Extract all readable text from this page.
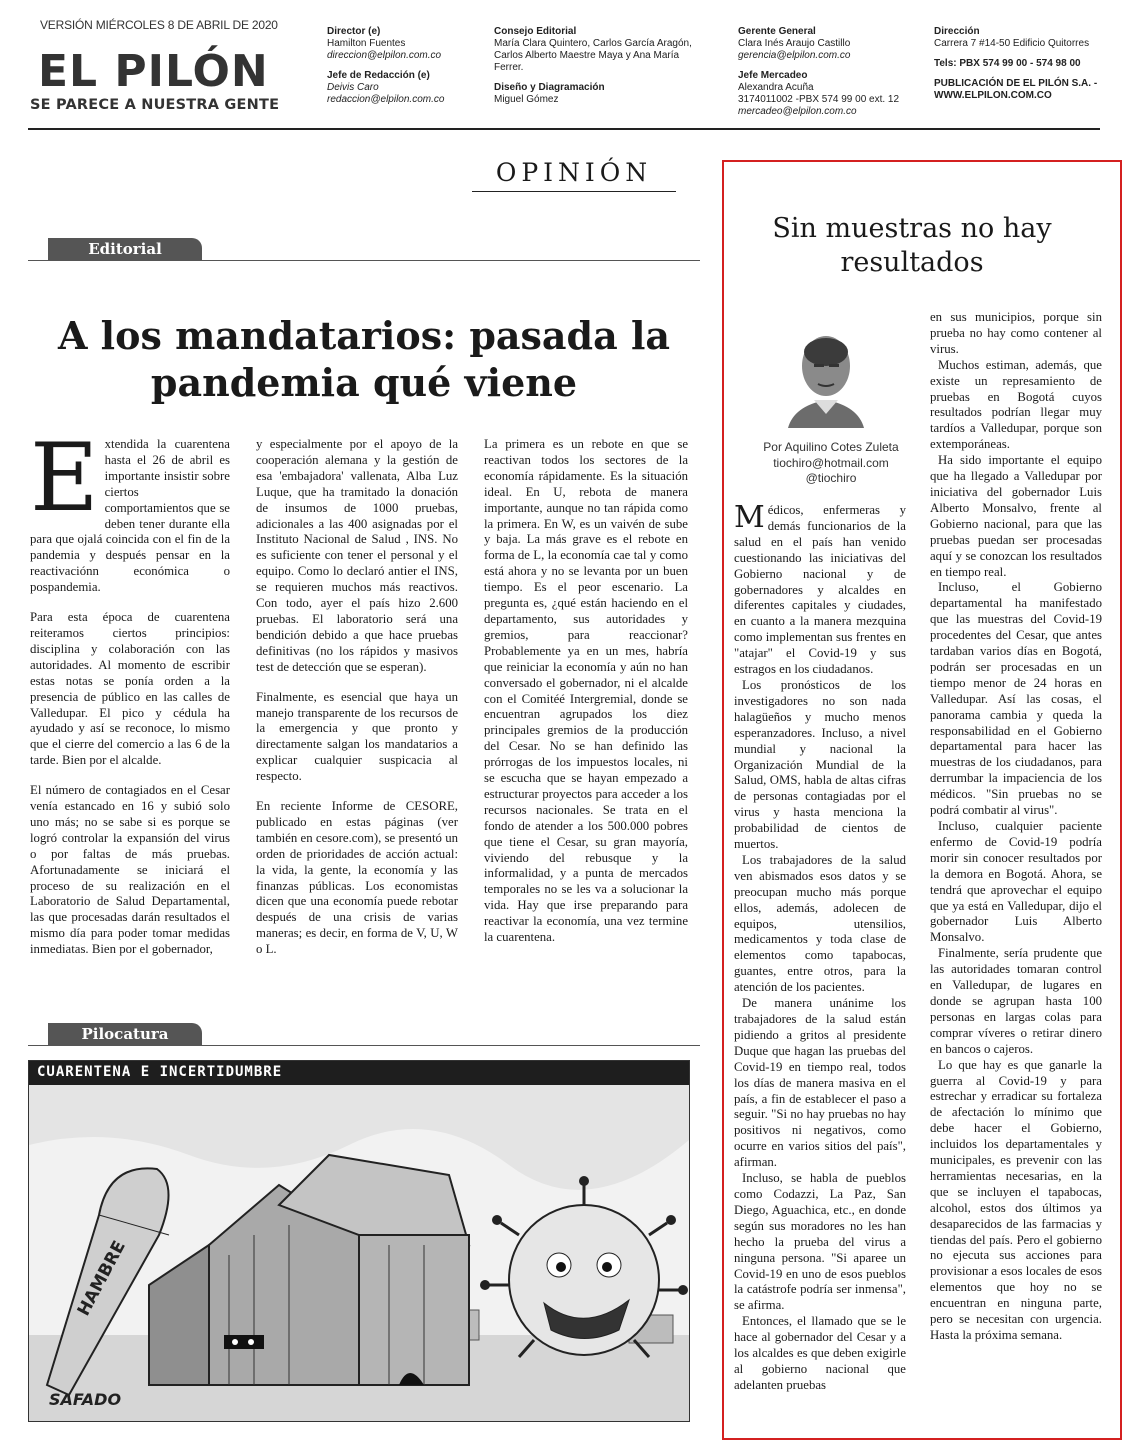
VERSIÓN MIÉRCOLES 8 DE ABRIL DE 2020
EL PILÓN
SE PARECE A NUESTRA GENTE
Director (e)
Hamilton Fuentes
direccion@elpilon.com.co
Jefe de Redacción (e)
Deivis Caro
redaccion@elpilon.com.co
Consejo Editorial
María Clara Quintero, Carlos García Aragón, Carlos Alberto Maestre Maya y Ana María Ferrer.
Diseño y Diagramación
Miguel Gómez
Gerente General
Clara Inés Araujo Castillo
gerencia@elpilon.com.co
Jefe Mercadeo
Alexandra Acuña
3174011002 -PBX 574 99 00 ext. 12
mercadeo@elpilon.com.co
Dirección
Carrera 7 #14-50 Edificio Quitorres
Tels: PBX 574 99 00 - 574 98 00
PUBLICACIÓN DE EL PILÓN S.A. - WWW.ELPILON.COM.CO
OPINIÓN
Editorial
A los mandatarios: pasada la pandemia qué viene

Extendida la cuarentena hasta el 26 de abril es importante insistir sobre ciertos comportamientos que se deben tener durante ella para que ojalá coincida con el fin de la pandemia y después pensar en la reactivaciónn económica o pospandemia.

Para esta época de cuarentena reiteramos ciertos principios: disciplina y colaboración con las autoridades. Al momento de escribir estas notas se ponía orden a la presencia de público en las calles de Valledupar. El pico y cédula ha ayudado y así se reconoce, lo mismo que el cierre del comercio a las 6 de la tarde. Bien por el alcalde.

El número de contagiados en el Cesar venía estancado en 16 y subió solo uno más; no se sabe si es porque se logró controlar la expansión del virus o por faltas de más pruebas. Afortunadamente se iniciará el proceso de su realización en el Laboratorio de Salud Departamental, las que procesadas darán resultados el mismo día para poder tomar medidas inmediatas. Bien por el gobernador,

y especialmente por el apoyo de la cooperación alemana y la gestión de esa 'embajadora' vallenata, Alba Luz Luque, que ha tramitado la donación de insumos de 1000 pruebas, adicionales a las 400 asignadas por el Instituto Nacional de Salud , INS. No es suficiente con tener el personal y el equipo. Como lo declaró antier el INS, se requieren muchos más reactivos. Con todo, ayer el país hizo 2.600 pruebas. El laboratorio será una bendición debido a que hace pruebas definitivas (no los rápidos y masivos test de detección que se esperan).

Finalmente, es esencial que haya un manejo transparente de los recursos de la emergencia y que pronto y directamente salgan los mandatarios a explicar cualquier suspicacia al respecto.

En reciente Informe de CESORE, publicado en estas páginas (ver también en cesore.com), se presentó un orden de prioridades de acción actual: la vida, la gente, la economía y las finanzas públicas. Los economistas dicen que una economía puede rebotar después de una crisis de varias maneras; es decir, en forma de V, U, W o L.

La primera es un rebote en que se reactivan todos los sectores de la economía rápidamente. Es la situación ideal. En U, rebota de manera importante, aunque no tan rápida como la primera. En W, es un vaivén de sube y baja. La más grave es el rebote en forma de L, la economía cae tal y como está ahora y no se levanta por un buen tiempo. Es el peor escenario. La pregunta es, ¿qué están haciendo en el departamento, sus autoridades y gremios, para reaccionar? Probablemente ya en un mes, habría que reiniciar la economía y aún no han conversado el gobernador, ni el alcalde con el Comitéé Intergremial, donde se encuentran agrupados los diez principales gremios de la producción del Cesar. No se han definido las prórrogas de los impuestos locales, ni se escucha que se hayan empezado a estructurar proyectos para acceder a los recursos nacionales. Se trata en el fondo de atender a los 500.000 pobres que tiene el Cesar, su gran mayoría, viviendo del rebusque y la informalidad, y a punta de mercados temporales no se les va a solucionar la vida. Hay que irse preparando para reactivar la economía, una vez termine la cuarentena.

Pilocatura
CUARENTENA E INCERTIDUMBRE
HAMBRE
SAFADO
Sin muestras no hay resultados
Por Aquilino Cotes Zuleta
tiochiro@hotmail.com
@tiochiro

Médicos, enfermeras y demás funcionarios de la salud en el país han venido cuestionando las iniciativas del Gobierno nacional y de gobernadores y alcaldes en diferentes capitales y ciudades, en cuanto a la manera mezquina como implementan sus frentes en "atajar" el Covid-19 y sus estragos en los ciudadanos.

Los pronósticos de los investigadores no son nada halagüeños y mucho menos esperanzadores. Incluso, a nivel mundial y nacional la Organización Mundial de la Salud, OMS, habla de altas cifras de personas contagiadas por el virus y hasta menciona la probabilidad de cientos de muertos.

Los trabajadores de la salud ven abismados esos datos y se preocupan mucho más porque ellos, además, adolecen de equipos, utensilios, medicamentos y toda clase de elementos como tapabocas, guantes, entre otros, para la atención de los pacientes.

De manera unánime los trabajadores de la salud están pidiendo a gritos al presidente Duque que hagan las pruebas del Covid-19 en tiempo real, todos los días de manera masiva en el país, a fin de establecer el paso a seguir. "Si no hay pruebas no hay positivos ni negativos, como ocurre en varios sitios del país", afirman.

Incluso, se habla de pueblos como Codazzi, La Paz, San Diego, Aguachica, etc., en donde según sus moradores no les han hecho la prueba del virus a ninguna persona. "Si aparee un Covid-19 en uno de esos pueblos la catástrofe podría ser inmensa", se afirma.

Entonces, el llamado que se le hace al gobernador del Cesar y a los alcaldes es que deben exigirle al gobierno nacional que adelanten pruebas

en sus municipios, porque sin prueba no hay como contener al virus.

Muchos estiman, además, que existe un represamiento de pruebas en Bogotá cuyos resultados podrían llegar muy tardíos a Valledupar, porque son extemporáneas.

Ha sido importante el equipo que ha llegado a Valledupar por iniciativa del gobernador Luis Alberto Monsalvo, frente al Gobierno nacional, para que las pruebas puedan ser procesadas aquí y se conozcan los resultados en tiempo real.

Incluso, el Gobierno departamental ha manifestado que las muestras del Covid-19 procedentes del Cesar, que antes tardaban varios días en Bogotá, podrán ser procesadas en un tiempo menor de 24 horas en Valledupar. Así las cosas, el panorama cambia y queda la responsabilidad en el Gobierno departamental para hacer las muestras de los ciudadanos, para derrumbar la impaciencia de los médicos. "Sin pruebas no se podrá combatir al virus".

Incluso, cualquier paciente enfermo de Covid-19 podría morir sin conocer resultados por la demora en Bogotá. Ahora, se tendrá que aprovechar el equipo que ya está en Valledupar, dijo el gobernador Luis Alberto Monsalvo.

Finalmente, sería prudente que las autoridades tomaran control en Valledupar, de lugares en donde se agrupan hasta 100 personas en largas colas para comprar víveres o retirar dinero en bancos o cajeros.

Lo que hay es que ganarle la guerra al Covid-19 y para estrechar y erradicar su fortaleza de afectación lo mínimo que debe hacer el Gobierno, incluidos los departamentales y municipales, es prevenir con las herramientas necesarias, en la que se incluyen el tapabocas, alcohol, estos dos últimos ya desaparecidos de las farmacias y tiendas del país. Pero el gobierno no ejecuta sus acciones para provisionar a esos locales de esos elementos que hoy no se encuentran en ninguna parte, pero se necesitan con urgencia. Hasta la próxima semana.
